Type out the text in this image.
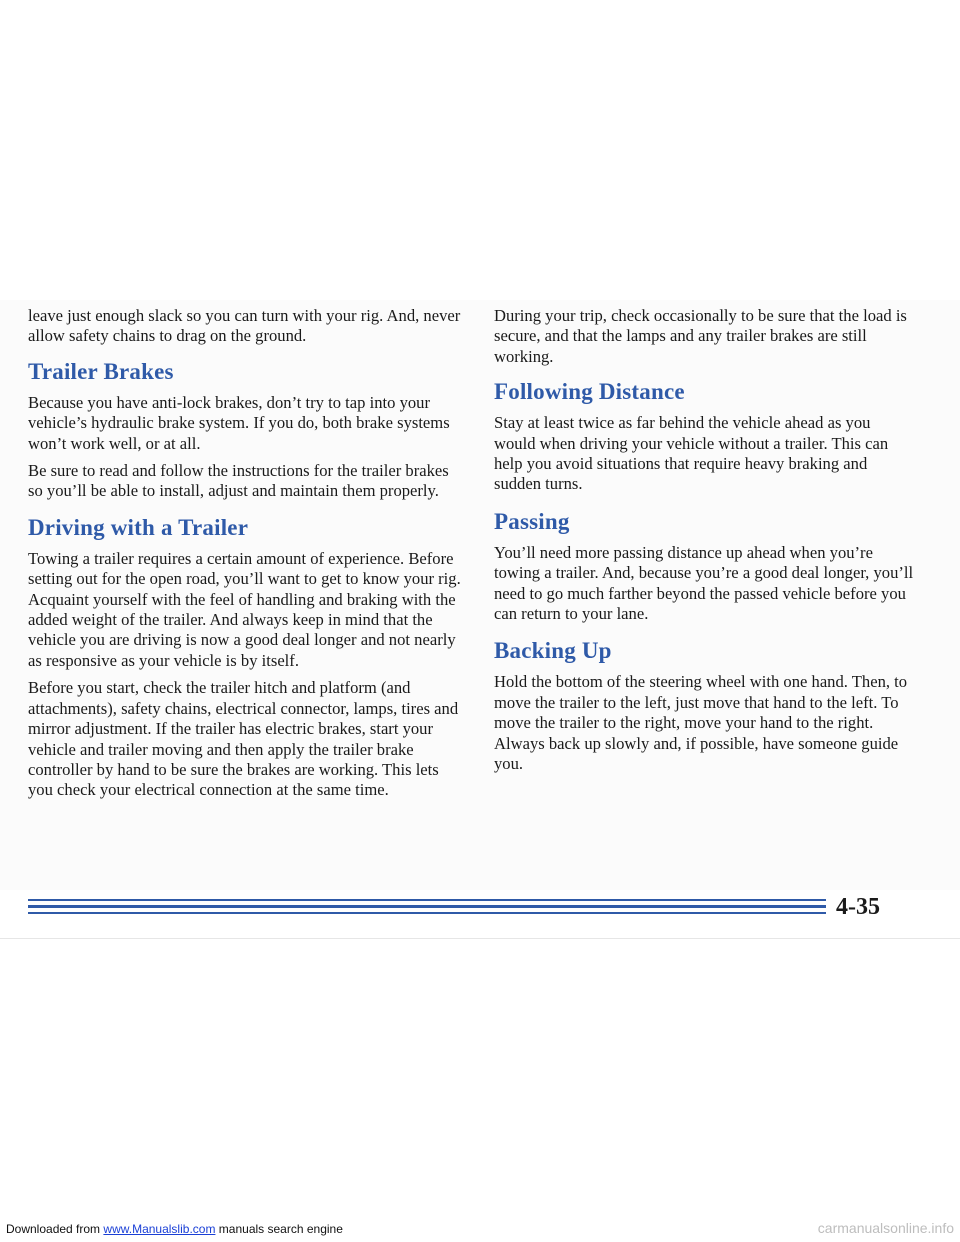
leave just enough slack so you can turn with your rig. And, never allow safety chains to drag on the ground.

Trailer Brakes

Because you have anti-lock brakes, don’t try to tap into your vehicle’s hydraulic brake system. If you do, both brake systems won’t work well, or at all.

Be sure to read and follow the instructions for the trailer brakes so you’ll be able to install, adjust and maintain them properly.

Driving with a Trailer

Towing a trailer requires a certain amount of experience. Before setting out for the open road, you’ll want to get to know your rig. Acquaint yourself with the feel of handling and braking with the added weight of the trailer. And always keep in mind that the vehicle you are driving is now a good deal longer and not nearly as responsive as your vehicle is by itself.

Before you start, check the trailer hitch and platform (and attachments), safety chains, electrical connector, lamps, tires and mirror adjustment. If the trailer has electric brakes, start your vehicle and trailer moving and then apply the trailer brake controller by hand to be sure the brakes are working. This lets you check your electrical connection at the same time.

During your trip, check occasionally to be sure that the load is secure, and that the lamps and any trailer brakes are still working.

Following Distance

Stay at least twice as far behind the vehicle ahead as you would when driving your vehicle without a trailer. This can help you avoid situations that require heavy braking and sudden turns.

Passing

You’ll need more passing distance up ahead when you’re towing a trailer. And, because you’re a good deal longer, you’ll need to go much farther beyond the passed vehicle before you can return to your lane.

Backing Up

Hold the bottom of the steering wheel with one hand. Then, to move the trailer to the left, just move that hand to the left. To move the trailer to the right, move your hand to the right. Always back up slowly and, if possible, have someone guide you.

4-35
Downloaded from www.Manualslib.com manuals search engine	carmanualsonline.info
